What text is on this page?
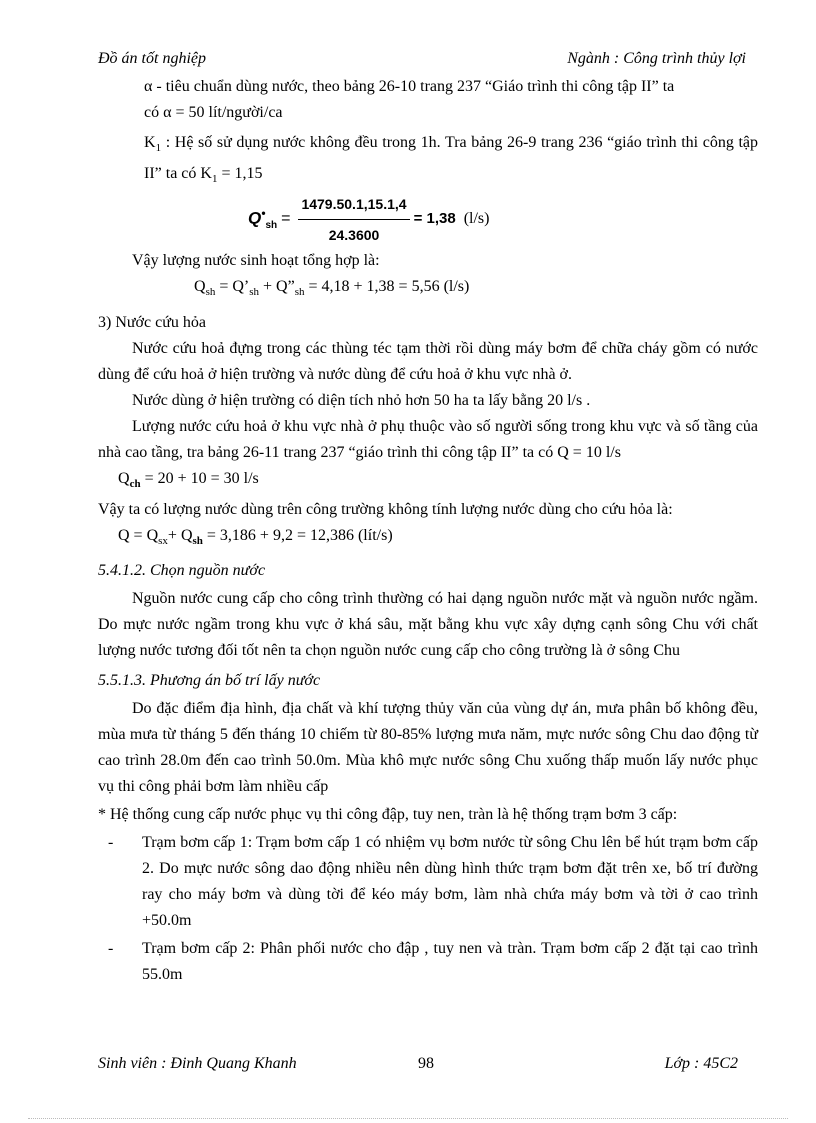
Đồ án tốt nghiệp	Ngành : Công trình thủy lợi

α - tiêu chuẩn dùng nước, theo bảng 26-10 trang 237 “Giáo trình thi công tập II” ta

có α = 50 lít/người/ca

$K_1$ : Hệ số sử dụng nước không đều trong 1h. Tra bảng 26-9 trang 236 “giáo trình thi công tập II” ta có $K_1 = 1,15$

$Q^•_{sh} = \frac{1479.50.1,15.1,4}{24.3600} = 1,38$ (l/s)

Vậy lượng nước sinh hoạt tổng hợp là:

$Q_{sh}$ = $Q’_{sh}$ + $Q”_{sh} = 4,18 + 1,38 = 5,56$ (l/s)

3) Nước cứu hỏa

Nước cứu hoả đựng trong các thùng téc tạm thời rồi dùng máy bơm để chữa cháy gồm có nước dùng để cứu hoả ở hiện trường và nước dùng để cứu hoả ở khu vực nhà ở.

Nước dùng ở hiện trường có diện tích nhỏ hơn 50 ha ta lấy bằng 20 l/s .

Lượng nước cứu hoả ở khu vực nhà ở phụ thuộc vào số người sống trong khu vực và số tầng của nhà cao tầng, tra bảng 26-11 trang 237 “giáo trình thi công tập II” ta có Q = 10 l/s

$Q_{ch} = 20 + 10 = 30$ l/s

Vậy ta có lượng nước dùng trên công trường không tính lượng nước dùng cho cứu hỏa là:

$Q = Q_{sx}+ Q_{sh} = 3,186 + 9,2 = 12,386$ (lít/s)

5.4.1.2. Chọn nguồn nước

Nguồn nước cung cấp cho công trình thường có hai dạng nguồn nước mặt và nguồn nước ngầm. Do mực nước ngầm trong khu vực ở khá sâu, mặt bằng khu vực xây dựng cạnh sông Chu với chất lượng nước tương đối tốt nên ta chọn nguồn nước cung cấp cho công trường là ở sông Chu

5.5.1.3. Phương án bố trí lấy nước

Do đặc điểm địa hình, địa chất và khí tượng thủy văn của vùng dự án, mưa phân bố không đều, mùa mưa từ tháng 5 đến tháng 10 chiếm từ 80-85% lượng mưa năm, mực nước sông Chu dao động từ cao trình 28.0m đến cao trình 50.0m. Mùa khô mực nước sông Chu xuống thấp muốn lấy nước phục vụ thi công phải bơm làm nhiều cấp

* Hệ thống cung cấp nước phục vụ thi công đập, tuy nen, tràn là hệ thống trạm bơm 3 cấp:

-	Trạm bơm cấp 1: Trạm bơm cấp 1 có nhiệm vụ bơm nước từ sông Chu lên bể hút trạm bơm cấp 2. Do mực nước sông dao động nhiều nên dùng hình thức trạm bơm đặt trên xe, bố trí đường ray cho máy bơm và dùng tời để kéo máy bơm, làm nhà chứa máy bơm và tời ở cao trình +50.0m
-	Trạm bơm cấp 2: Phân phối nước cho đập , tuy nen và tràn. Trạm bơm cấp 2 đặt tại cao trình 55.0m
Sinh viên : Đinh Quang Khanh	98	Lớp : 45C2
